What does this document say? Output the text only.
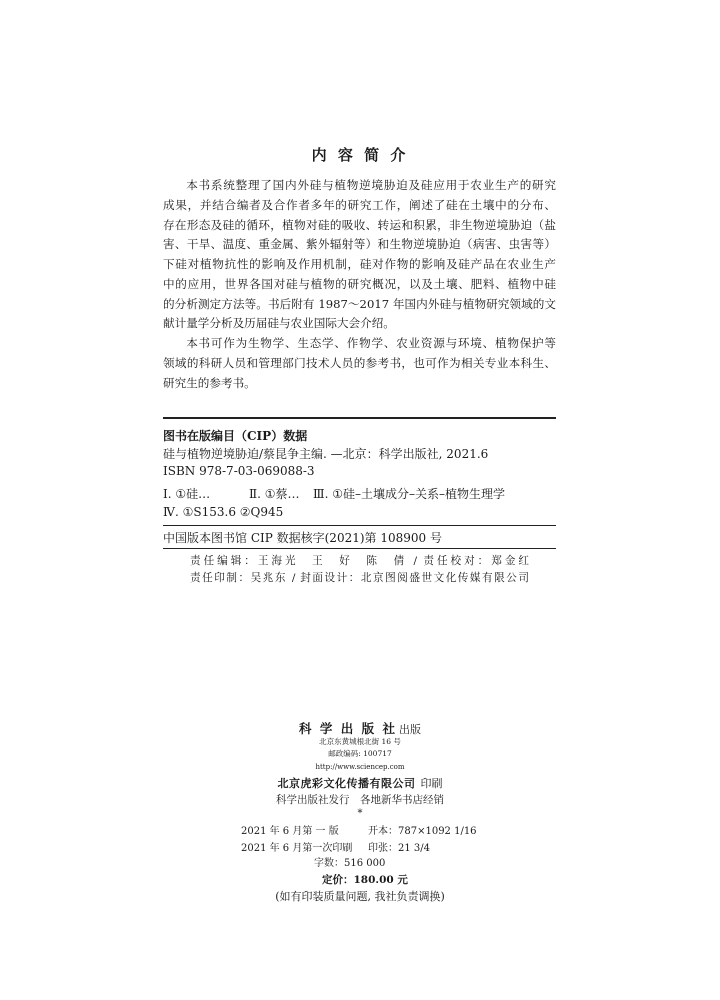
内 容 简 介
本书系统整理了国内外硅与植物逆境胁迫及硅应用于农业生产的研究
成果，并结合编者及合作者多年的研究工作，阐述了硅在土壤中的分布、
存在形态及硅的循环，植物对硅的吸收、转运和积累，非生物逆境胁迫（盐
害、干旱、温度、重金属、紫外辐射等）和生物逆境胁迫（病害、虫害等）
下硅对植物抗性的影响及作用机制，硅对作物的影响及硅产品在农业生产
中的应用，世界各国对硅与植物的研究概况，以及土壤、肥料、植物中硅
的分析测定方法等。书后附有 1987～2017 年国内外硅与植物研究领域的文
献计量学分析及历届硅与农业国际大会介绍。
本书可作为生物学、生态学、作物学、农业资源与环境、植物保护等
领域的科研人员和管理部门技术人员的参考书，也可作为相关专业本科生、
研究生的参考书。
图书在版编目（CIP）数据
硅与植物逆境胁迫/蔡昆争主编. —北京：科学出版社, 2021.6
ISBN 978-7-03-069088-3
Ⅰ. ①硅…	Ⅱ. ①蔡… Ⅲ. ①硅–土壤成分–关系–植物生理学
Ⅳ. ①S153.6 ②Q945
中国版本图书馆 CIP 数据核字(2021)第 108900 号
责任编辑：王海光　王　好　陈　倩 / 责任校对：郑金红
责任印制：吴兆东 / 封面设计：北京图阅盛世文化传媒有限公司
科 学 出 版 社 出版
北京东黄城根北街 16 号
邮政编码: 100717
http://www.sciencep.com
北京虎彩文化传播有限公司 印刷
科学出版社发行　各地新华书店经销
*
2021 年 6 月第 一 版	开本：787×1092 1/16
2021 年 6 月第一次印刷 印张：21 3/4
字数：516 000
定价：180.00 元
(如有印装质量问题, 我社负责调换)
